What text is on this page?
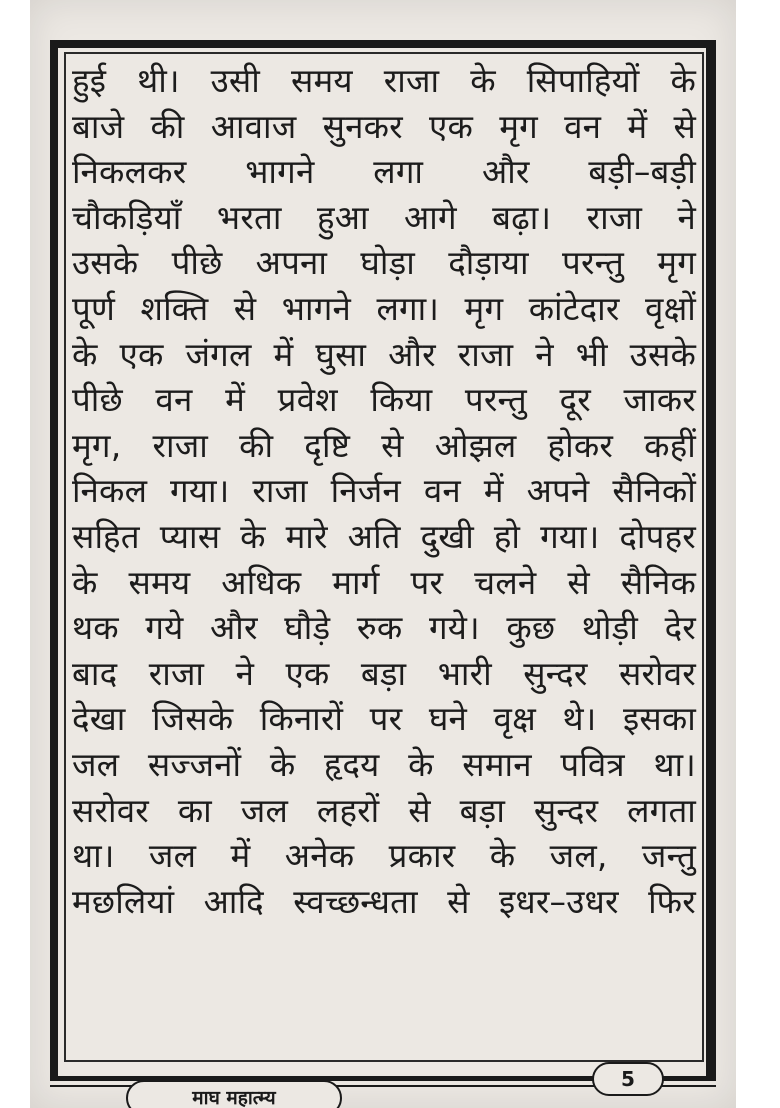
हुई थी। उसी समय राजा के सिपाहियों के
बाजे की आवाज सुनकर एक मृग वन में से
निकलकर भागने लगा और बड़ी–बड़ी
चौकड़ियाँ भरता हुआ आगे बढ़ा। राजा ने
उसके पीछे अपना घोड़ा दौड़ाया परन्तु मृग
पूर्ण शक्ति से भागने लगा। मृग कांटेदार वृक्षों
के एक जंगल में घुसा और राजा ने भी उसके
पीछे वन में प्रवेश किया परन्तु दूर जाकर
मृग, राजा की दृष्टि से ओझल होकर कहीं
निकल गया। राजा निर्जन वन में अपने सैनिकों
सहित प्यास के मारे अति दुखी हो गया। दोपहर
के समय अधिक मार्ग पर चलने से सैनिक
थक गये और घौड़े रुक गये। कुछ थोड़ी देर
बाद राजा ने एक बड़ा भारी सुन्दर सरोवर
देखा जिसके किनारों पर घने वृक्ष थे। इसका
जल सज्जनों के हृदय के समान पवित्र था।
सरोवर का जल लहरों से बड़ा सुन्दर लगता
था। जल में अनेक प्रकार के जल, जन्तु
मछलियां आदि स्वच्छन्धता से इधर–उधर फिर
माघ महात्म्य
5
